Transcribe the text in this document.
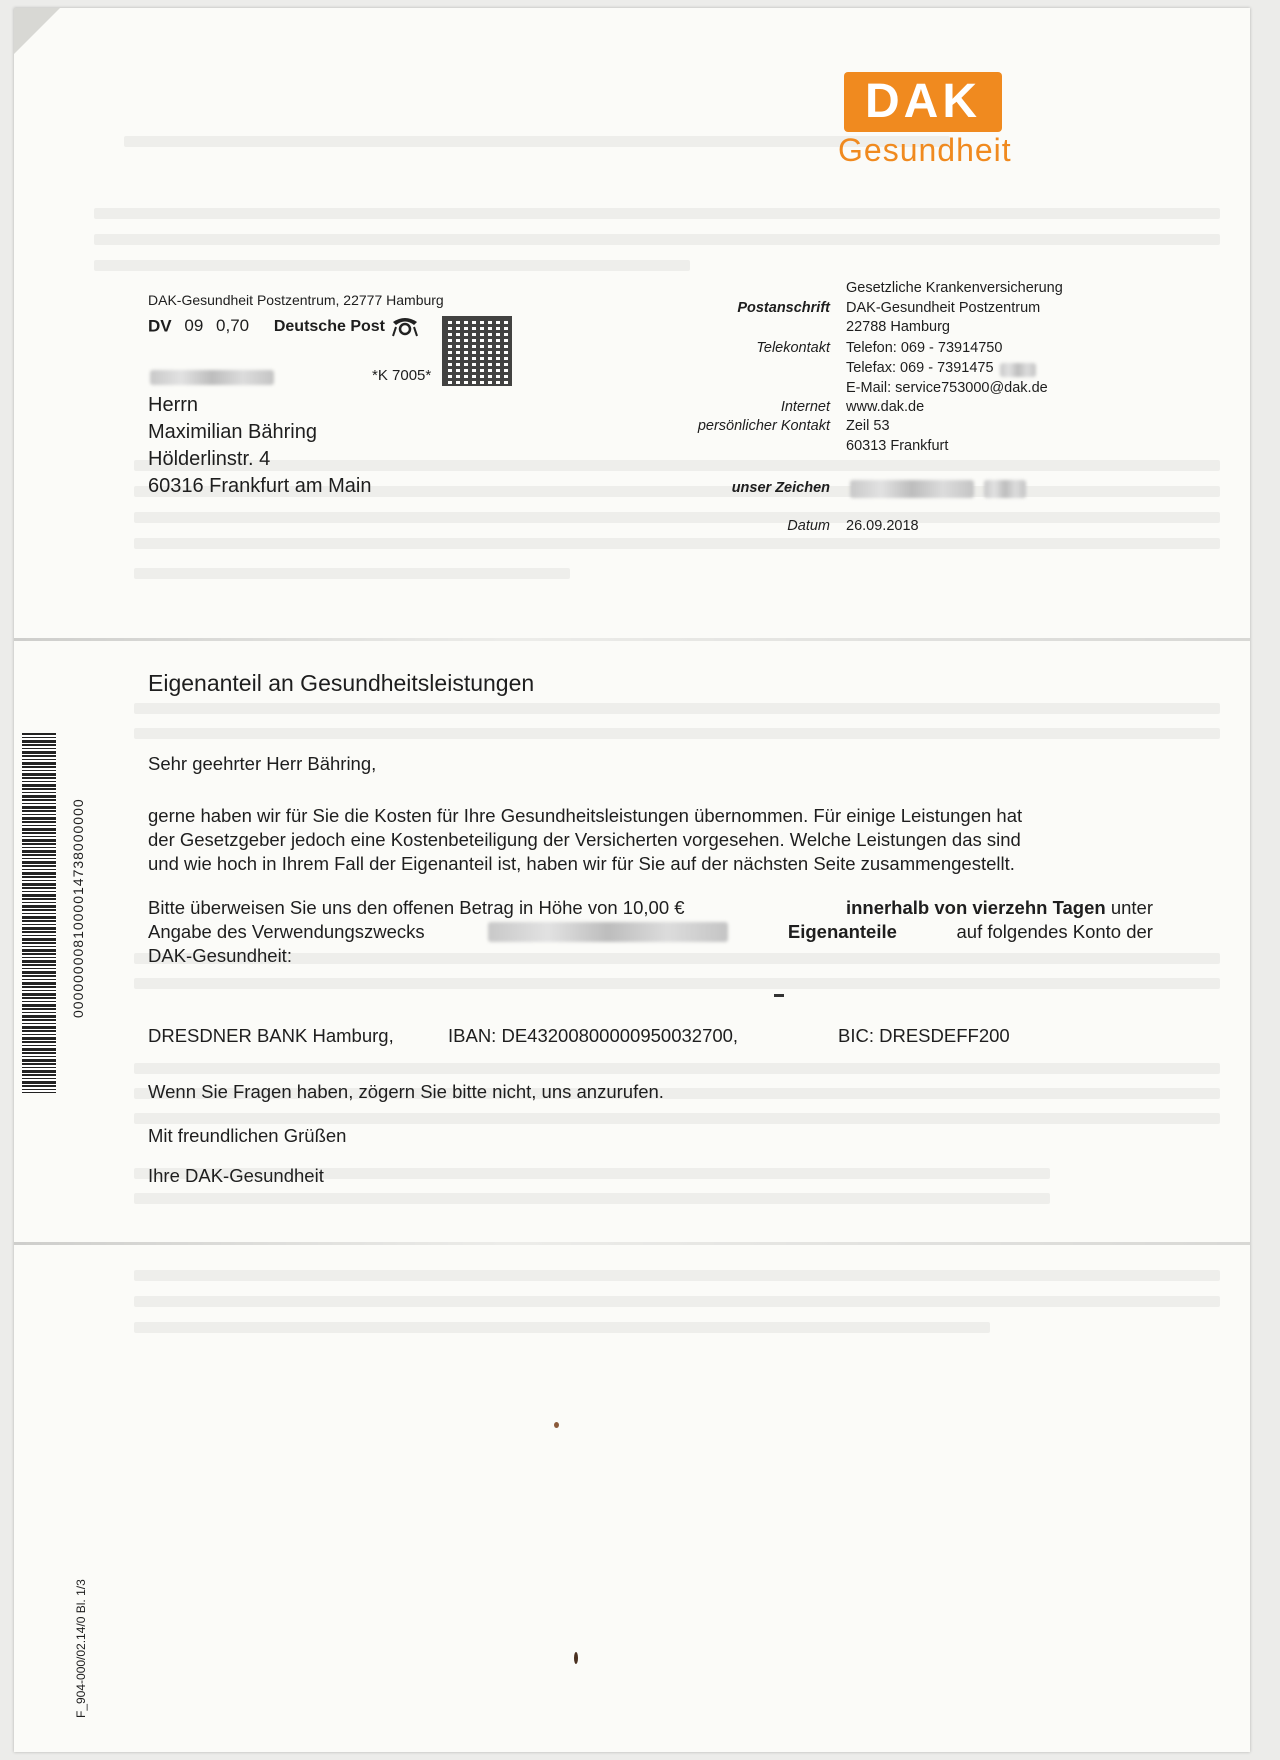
DAK
Gesundheit
DAK-Gesundheit Postzentrum, 22777 Hamburg
DV 09 0,70 Deutsche Post
*K 7005*
Herrn
Maximilian Bähring
Hölderlinstr. 4
60316 Frankfurt am Main
Gesetzliche Krankenversicherung
Postanschrift DAK-Gesundheit Postzentrum
22788 Hamburg
Telekontakt Telefon: 069 - 73914750
Telefax: 069 - 7391475
E-Mail: service753000@dak.de
Internet www.dak.de
persönlicher Kontakt Zeil 53
60313 Frankfurt
unser Zeichen
Datum 26.09.2018
Eigenanteil an Gesundheitsleistungen
Sehr geehrter Herr Bähring,
gerne haben wir für Sie die Kosten für Ihre Gesundheitsleistungen übernommen. Für einige Leistungen hat
der Gesetzgeber jedoch eine Kostenbeteiligung der Versicherten vorgesehen. Welche Leistungen das sind
und wie hoch in Ihrem Fall der Eigenanteil ist, haben wir für Sie auf der nächsten Seite zusammengestellt.
Bitte überweisen Sie uns den offenen Betrag in Höhe von 10,00 €	innerhalb von vierzehn Tagen unter
Angabe des Verwendungszwecks	Eigenanteile	auf folgendes Konto der
DAK-Gesundheit:
DRESDNER BANK Hamburg,	IBAN: DE43200800000950032700,	BIC: DRESDEFF200
Wenn Sie Fragen haben, zögern Sie bitte nicht, uns anzurufen.
Mit freundlichen Grüßen
Ihre DAK-Gesundheit
0000000081000014738000000
F_904-000/02.14/0 Bl. 1/3
